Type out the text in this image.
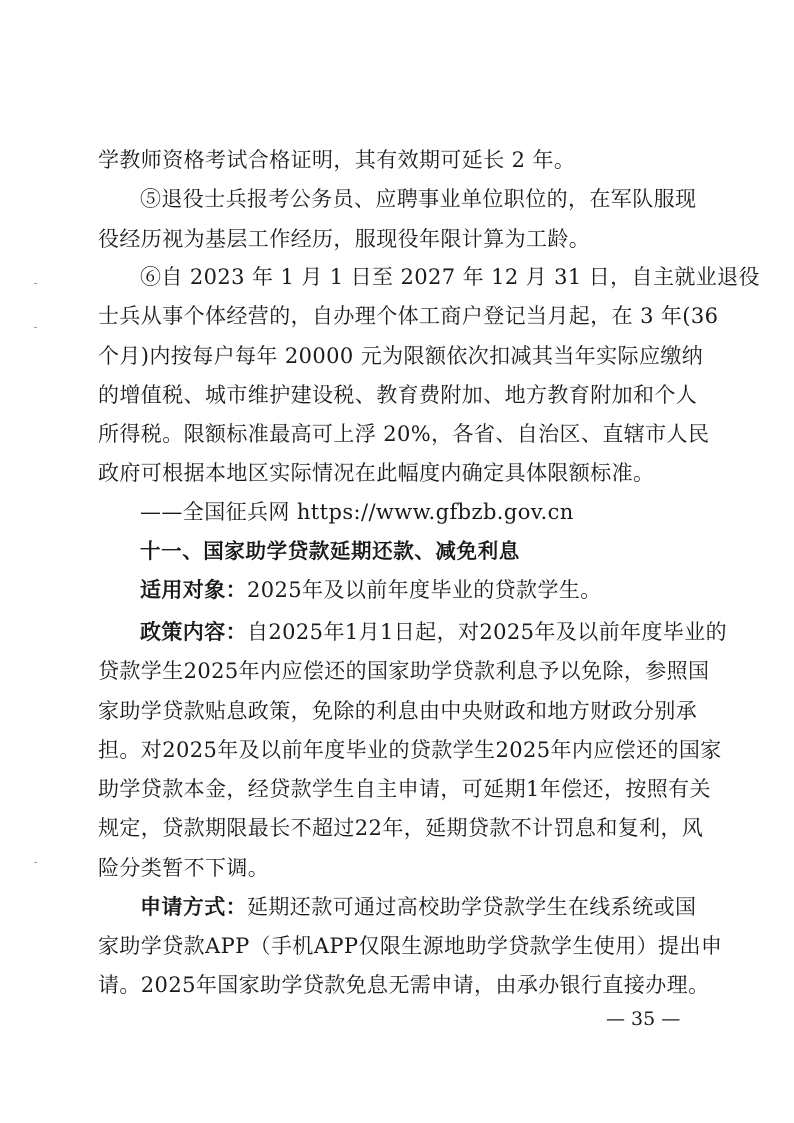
学教师资格考试合格证明，其有效期可延长 2 年。
⑤退役士兵报考公务员、应聘事业单位职位的，在军队服现
役经历视为基层工作经历，服现役年限计算为工龄。
⑥自 2023 年 1 月 1 日至 2027 年 12 月 31 日，自主就业退役
士兵从事个体经营的，自办理个体工商户登记当月起，在 3 年(36
个月)内按每户每年 20000 元为限额依次扣减其当年实际应缴纳
的增值税、城市维护建设税、教育费附加、地方教育附加和个人
所得税。限额标准最高可上浮 20%，各省、自治区、直辖市人民
政府可根据本地区实际情况在此幅度内确定具体限额标准。
——全国征兵网 https://www.gfbzb.gov.cn
十一、国家助学贷款延期还款、减免利息
适用对象：2025年及以前年度毕业的贷款学生。
政策内容：自2025年1月1日起，对2025年及以前年度毕业的
贷款学生2025年内应偿还的国家助学贷款利息予以免除，参照国
家助学贷款贴息政策，免除的利息由中央财政和地方财政分别承
担。对2025年及以前年度毕业的贷款学生2025年内应偿还的国家
助学贷款本金，经贷款学生自主申请，可延期1年偿还，按照有关
规定，贷款期限最长不超过22年，延期贷款不计罚息和复利，风
险分类暂不下调。
申请方式：延期还款可通过高校助学贷款学生在线系统或国
家助学贷款APP（手机APP仅限生源地助学贷款学生使用）提出申
请。2025年国家助学贷款免息无需申请，由承办银行直接办理。
— 35 —
